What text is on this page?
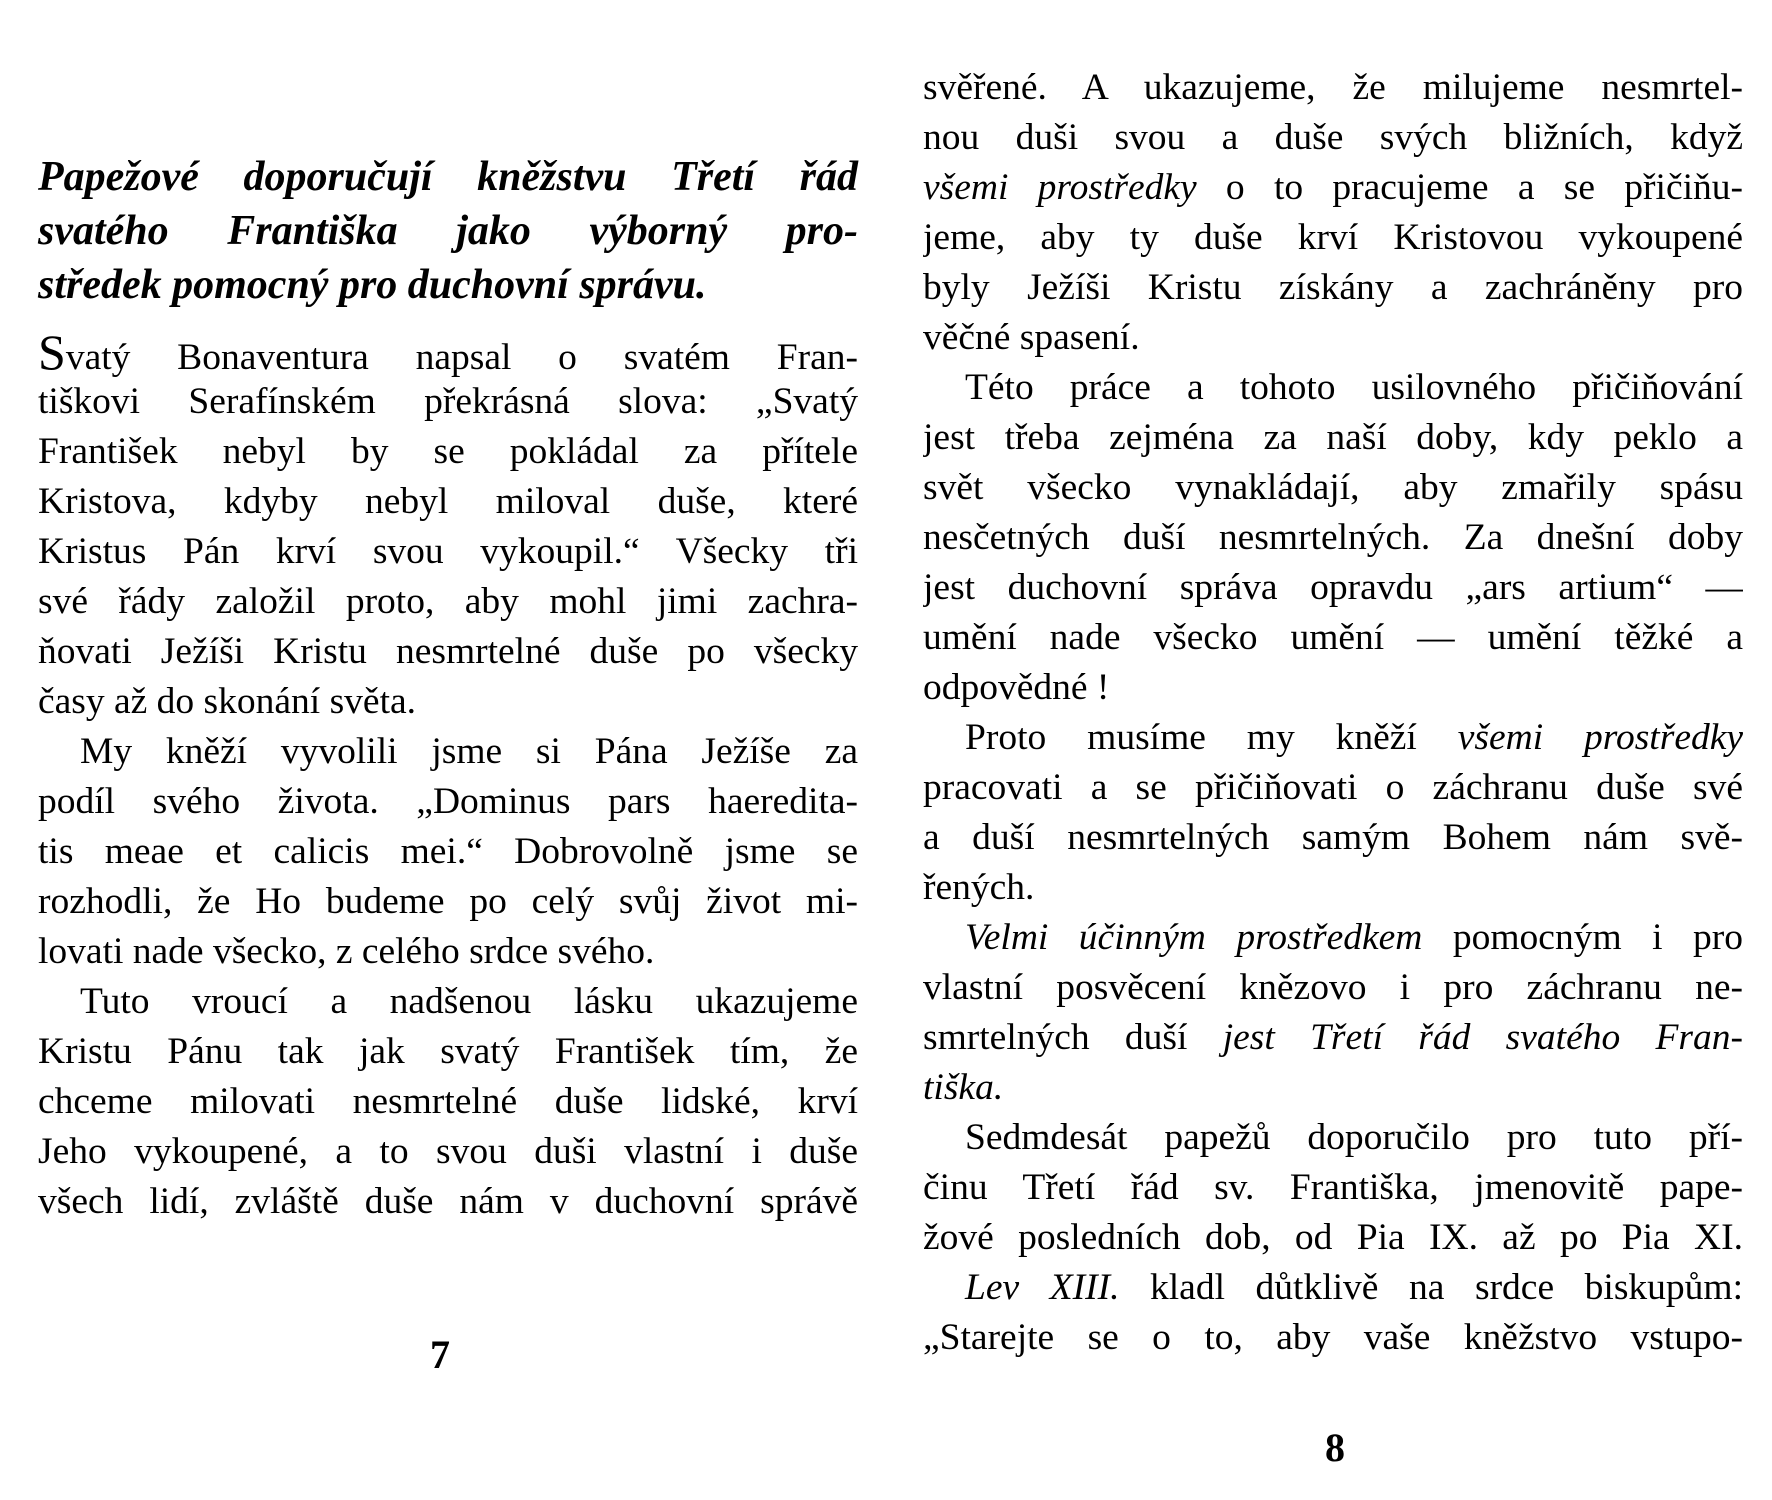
Papežové doporučují kněžstvu Třetí řád
svatého Františka jako výborný pro-
středek pomocný pro duchovní správu.
Svatý Bonaventura napsal o svatém Fran-
tiškovi Serafínském překrásná slova: „Svatý
František nebyl by se pokládal za přítele
Kristova, kdyby nebyl miloval duše, které
Kristus Pán krví svou vykoupil.“ Všecky tři
své řády založil proto, aby mohl jimi zachra-
ňovati Ježíši Kristu nesmrtelné duše po všecky
časy až do skonání světa.
My kněží vyvolili jsme si Pána Ježíše za
podíl svého života. „Dominus pars haeredita-
tis meae et calicis mei.“ Dobrovolně jsme se
rozhodli, že Ho budeme po celý svůj život mi-
lovati nade všecko, z celého srdce svého.
Tuto vroucí a nadšenou lásku ukazujeme
Kristu Pánu tak jak svatý František tím, že
chceme milovati nesmrtelné duše lidské, krví
Jeho vykoupené, a to svou duši vlastní i duše
všech lidí, zvláště duše nám v duchovní správě
7
svěřené. A ukazujeme, že milujeme nesmrtel-
nou duši svou a duše svých bližních, když
všemi prostředky o to pracujeme a se přičiňu-
jeme, aby ty duše krví Kristovou vykoupené
byly Ježíši Kristu získány a zachráněny pro
věčné spasení.
Této práce a tohoto usilovného přičiňování
jest třeba zejména za naší doby, kdy peklo a
svět všecko vynakládají, aby zmařily spásu
nesčetných duší nesmrtelných. Za dnešní doby
jest duchovní správa opravdu „ars artium“ —
umění nade všecko umění — umění těžké a
odpovědné !
Proto musíme my kněží všemi prostředky
pracovati a se přičiňovati o záchranu duše své
a duší nesmrtelných samým Bohem nám svě-
řených.
Velmi účinným prostředkem pomocným i pro
vlastní posvěcení knězovo i pro záchranu ne-
smrtelných duší jest Třetí řád svatého Fran-
tiška.
Sedmdesát papežů doporučilo pro tuto pří-
činu Třetí řád sv. Františka, jmenovitě pape-
žové posledních dob, od Pia IX. až po Pia XI.
Lev XIII. kladl důtklivě na srdce biskupům:
„Starejte se o to, aby vaše kněžstvo vstupo-
8
